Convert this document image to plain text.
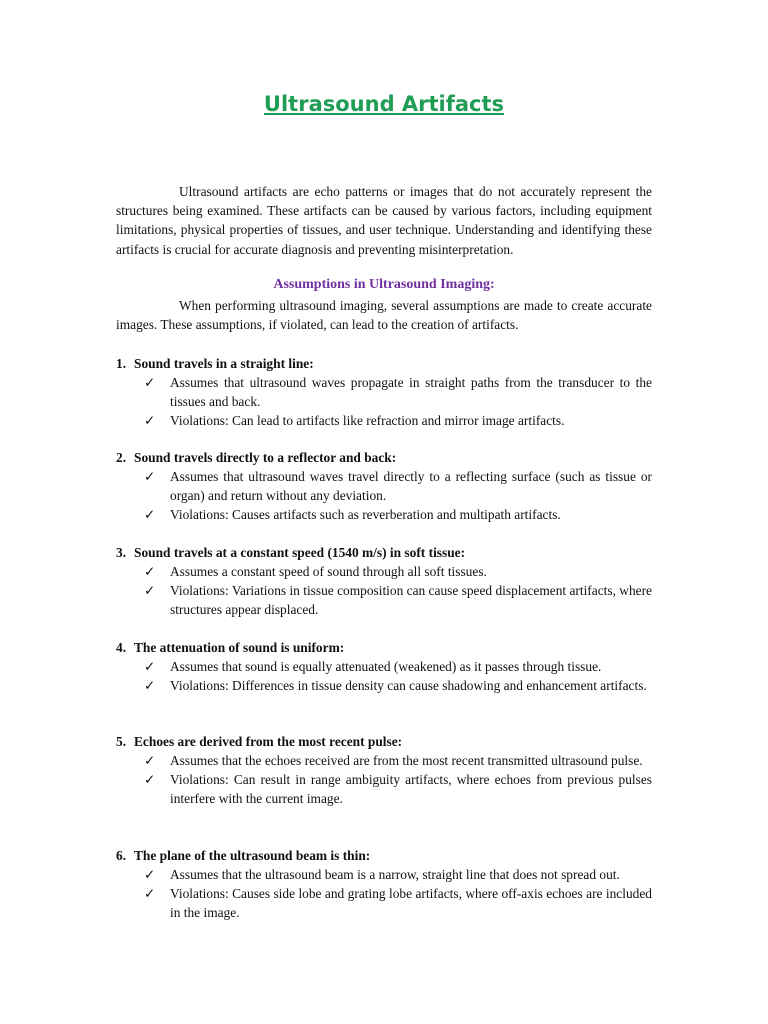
Ultrasound Artifacts

Ultrasound artifacts are echo patterns or images that do not accurately represent the structures being examined. These artifacts can be caused by various factors, including equipment limitations, physical properties of tissues, and user technique. Understanding and identifying these artifacts is crucial for accurate diagnosis and preventing misinterpretation.

Assumptions in Ultrasound Imaging:

When performing ultrasound imaging, several assumptions are made to create accurate images. These assumptions, if violated, can lead to the creation of artifacts.

1. Sound travels in a straight line:
✓	Assumes that ultrasound waves propagate in straight paths from the transducer to the tissues and back.
✓	Violations: Can lead to artifacts like refraction and mirror image artifacts.
2. Sound travels directly to a reflector and back:
✓	Assumes that ultrasound waves travel directly to a reflecting surface (such as tissue or organ) and return without any deviation.
✓	Violations: Causes artifacts such as reverberation and multipath artifacts.
3. Sound travels at a constant speed (1540 m/s) in soft tissue:
✓	Assumes a constant speed of sound through all soft tissues.
✓	Violations: Variations in tissue composition can cause speed displacement artifacts, where structures appear displaced.
4. The attenuation of sound is uniform:
✓	Assumes that sound is equally attenuated (weakened) as it passes through tissue.
✓	Violations: Differences in tissue density can cause shadowing and enhancement artifacts.
5. Echoes are derived from the most recent pulse:
✓	Assumes that the echoes received are from the most recent transmitted ultrasound pulse.
✓	Violations: Can result in range ambiguity artifacts, where echoes from previous pulses interfere with the current image.
6. The plane of the ultrasound beam is thin:
✓	Assumes that the ultrasound beam is a narrow, straight line that does not spread out.
✓	Violations: Causes side lobe and grating lobe artifacts, where off-axis echoes are included in the image.
